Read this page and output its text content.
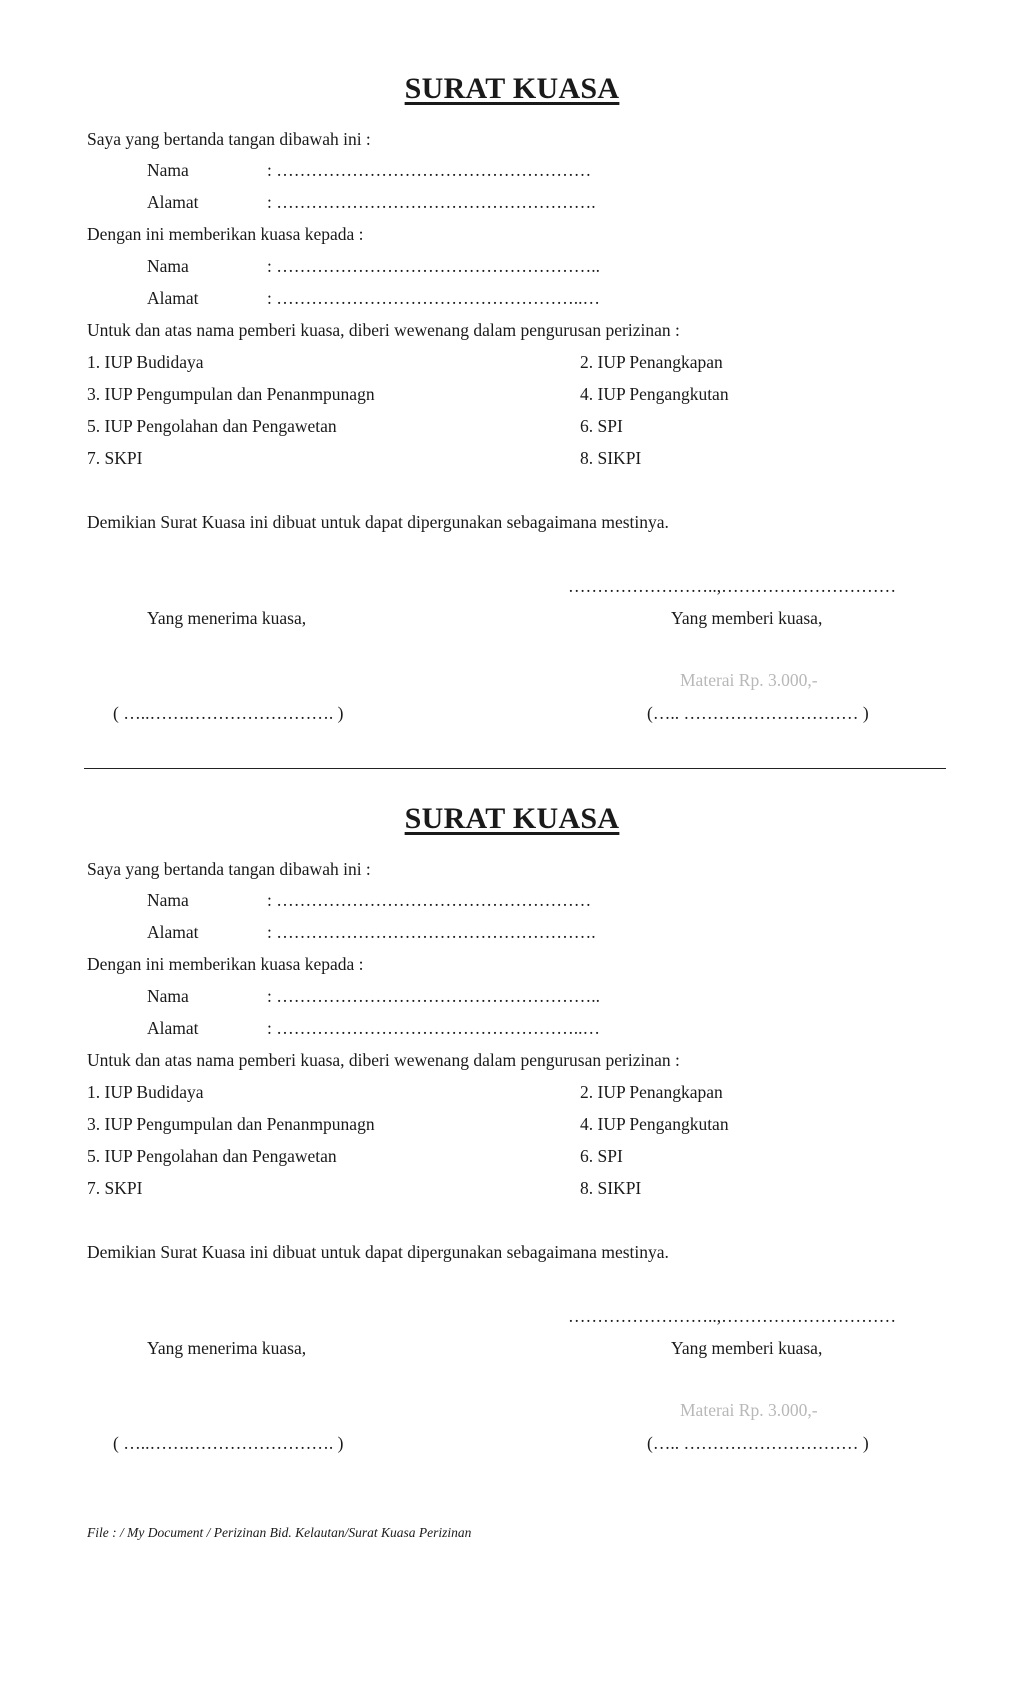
SURAT KUASA
Saya yang bertanda tangan dibawah ini :
Nama	: ………………………………………………
Alamat	: ……………………………………………….
Dengan ini memberikan kuasa kepada :
Nama	: ………………………………………………..
Alamat	: ……………………………………………..…
Untuk dan atas nama pemberi kuasa, diberi wewenang dalam pengurusan perizinan :
1. IUP Budidaya	2. IUP Penangkapan
3. IUP Pengumpulan dan Penanmpunagn	4. IUP Pengangkutan
5. IUP Pengolahan dan Pengawetan	6. SPI
7. SKPI	8. SIKPI
Demikian Surat Kuasa ini dibuat untuk dapat dipergunakan sebagaimana mestinya.
……………………..,…………………………
Yang menerima kuasa,	Yang memberi kuasa,
Materai Rp. 3.000,-
( …..…….……………………. )	(….. ………………………… )
SURAT KUASA
Saya yang bertanda tangan dibawah ini :
Nama	: ………………………………………………
Alamat	: ……………………………………………….
Dengan ini memberikan kuasa kepada :
Nama	: ………………………………………………..
Alamat	: ……………………………………………..…
Untuk dan atas nama pemberi kuasa, diberi wewenang dalam pengurusan perizinan :
1. IUP Budidaya	2. IUP Penangkapan
3. IUP Pengumpulan dan Penanmpunagn	4. IUP Pengangkutan
5. IUP Pengolahan dan Pengawetan	6. SPI
7. SKPI	8. SIKPI
Demikian Surat Kuasa ini dibuat untuk dapat dipergunakan sebagaimana mestinya.
……………………..,…………………………
Yang menerima kuasa,	Yang memberi kuasa,
Materai Rp. 3.000,-
( …..…….……………………. )	(….. ………………………… )
File : / My Document / Perizinan Bid. Kelautan/Surat Kuasa Perizinan
